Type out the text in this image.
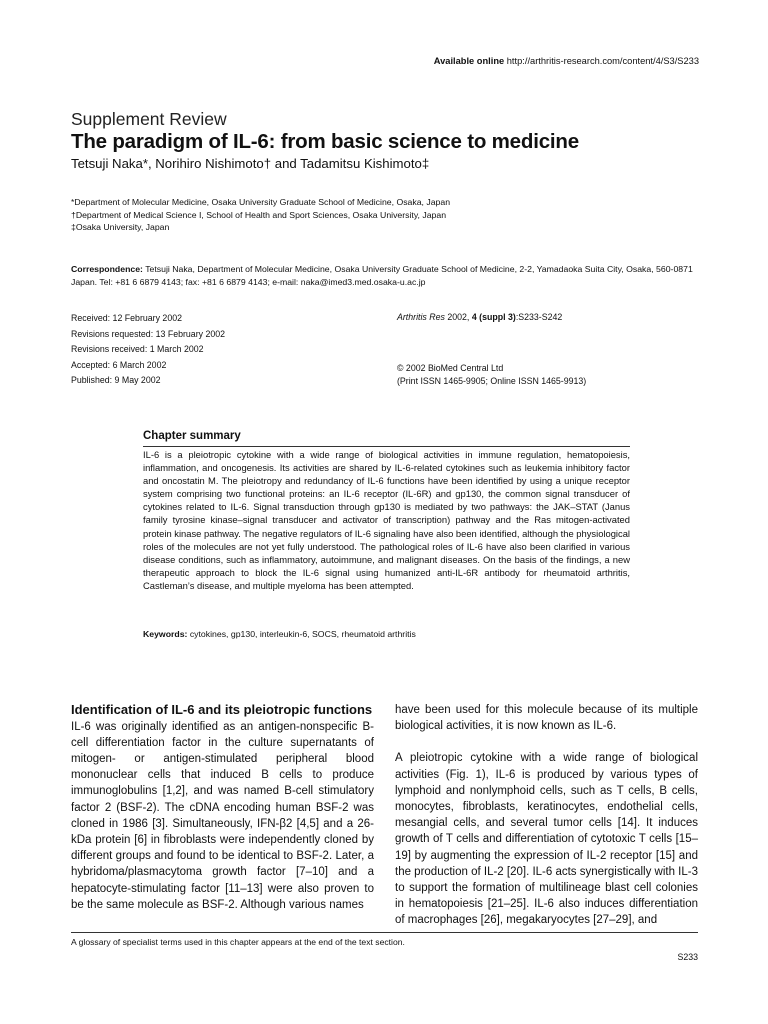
Available online http://arthritis-research.com/content/4/S3/S233
Supplement Review
The paradigm of IL-6: from basic science to medicine
Tetsuji Naka*, Norihiro Nishimoto† and Tadamitsu Kishimoto‡
*Department of Molecular Medicine, Osaka University Graduate School of Medicine, Osaka, Japan
†Department of Medical Science I, School of Health and Sport Sciences, Osaka University, Japan
‡Osaka University, Japan
Correspondence: Tetsuji Naka, Department of Molecular Medicine, Osaka University Graduate School of Medicine, 2-2, Yamadaoka Suita City, Osaka, 560-0871 Japan. Tel: +81 6 6879 4143; fax: +81 6 6879 4143; e-mail: naka@imed3.med.osaka-u.ac.jp
Received: 12 February 2002
Revisions requested: 13 February 2002
Revisions received: 1 March 2002
Accepted: 6 March 2002
Published: 9 May 2002
Arthritis Res 2002, 4 (suppl 3):S233-S242
© 2002 BioMed Central Ltd
(Print ISSN 1465-9905; Online ISSN 1465-9913)
Chapter summary
IL-6 is a pleiotropic cytokine with a wide range of biological activities in immune regulation, hematopoiesis, inflammation, and oncogenesis. Its activities are shared by IL-6-related cytokines such as leukemia inhibitory factor and oncostatin M. The pleiotropy and redundancy of IL-6 functions have been identified by using a unique receptor system comprising two functional proteins: an IL-6 receptor (IL-6R) and gp130, the common signal transducer of cytokines related to IL-6. Signal transduction through gp130 is mediated by two pathways: the JAK–STAT (Janus family tyrosine kinase–signal transducer and activator of transcription) pathway and the Ras mitogen-activated protein kinase pathway. The negative regulators of IL-6 signaling have also been identified, although the physiological roles of the molecules are not yet fully understood. The pathological roles of IL-6 have also been clarified in various disease conditions, such as inflammatory, autoimmune, and malignant diseases. On the basis of the findings, a new therapeutic approach to block the IL-6 signal using humanized anti-IL-6R antibody for rheumatoid arthritis, Castleman’s disease, and multiple myeloma has been attempted.
Keywords: cytokines, gp130, interleukin-6, SOCS, rheumatoid arthritis
Identification of IL-6 and its pleiotropic functions

IL-6 was originally identified as an antigen-nonspecific B-cell differentiation factor in the culture supernatants of mitogen- or antigen-stimulated peripheral blood mononuclear cells that induced B cells to produce immunoglobulins [1,2], and was named B-cell stimulatory factor 2 (BSF-2). The cDNA encoding human BSF-2 was cloned in 1986 [3]. Simultaneously, IFN-β2 [4,5] and a 26-kDa protein [6] in fibroblasts were independently cloned by different groups and found to be identical to BSF-2. Later, a hybridoma/plasmacytoma growth factor [7–10] and a hepatocyte-stimulating factor [11–13] were also proven to be the same molecule as BSF-2. Although various names

have been used for this molecule because of its multiple biological activities, it is now known as IL-6.

A pleiotropic cytokine with a wide range of biological activities (Fig. 1), IL-6 is produced by various types of lymphoid and nonlymphoid cells, such as T cells, B cells, monocytes, fibroblasts, keratinocytes, endothelial cells, mesangial cells, and several tumor cells [14]. It induces growth of T cells and differentiation of cytotoxic T cells [15–19] by augmenting the expression of IL-2 receptor [15] and the production of IL-2 [20]. IL-6 acts synergistically with IL-3 to support the formation of multilineage blast cell colonies in hematopoiesis [21–25]. IL-6 also induces differentiation of macrophages [26], megakaryocytes [27–29], and

A glossary of specialist terms used in this chapter appears at the end of the text section.
S233
